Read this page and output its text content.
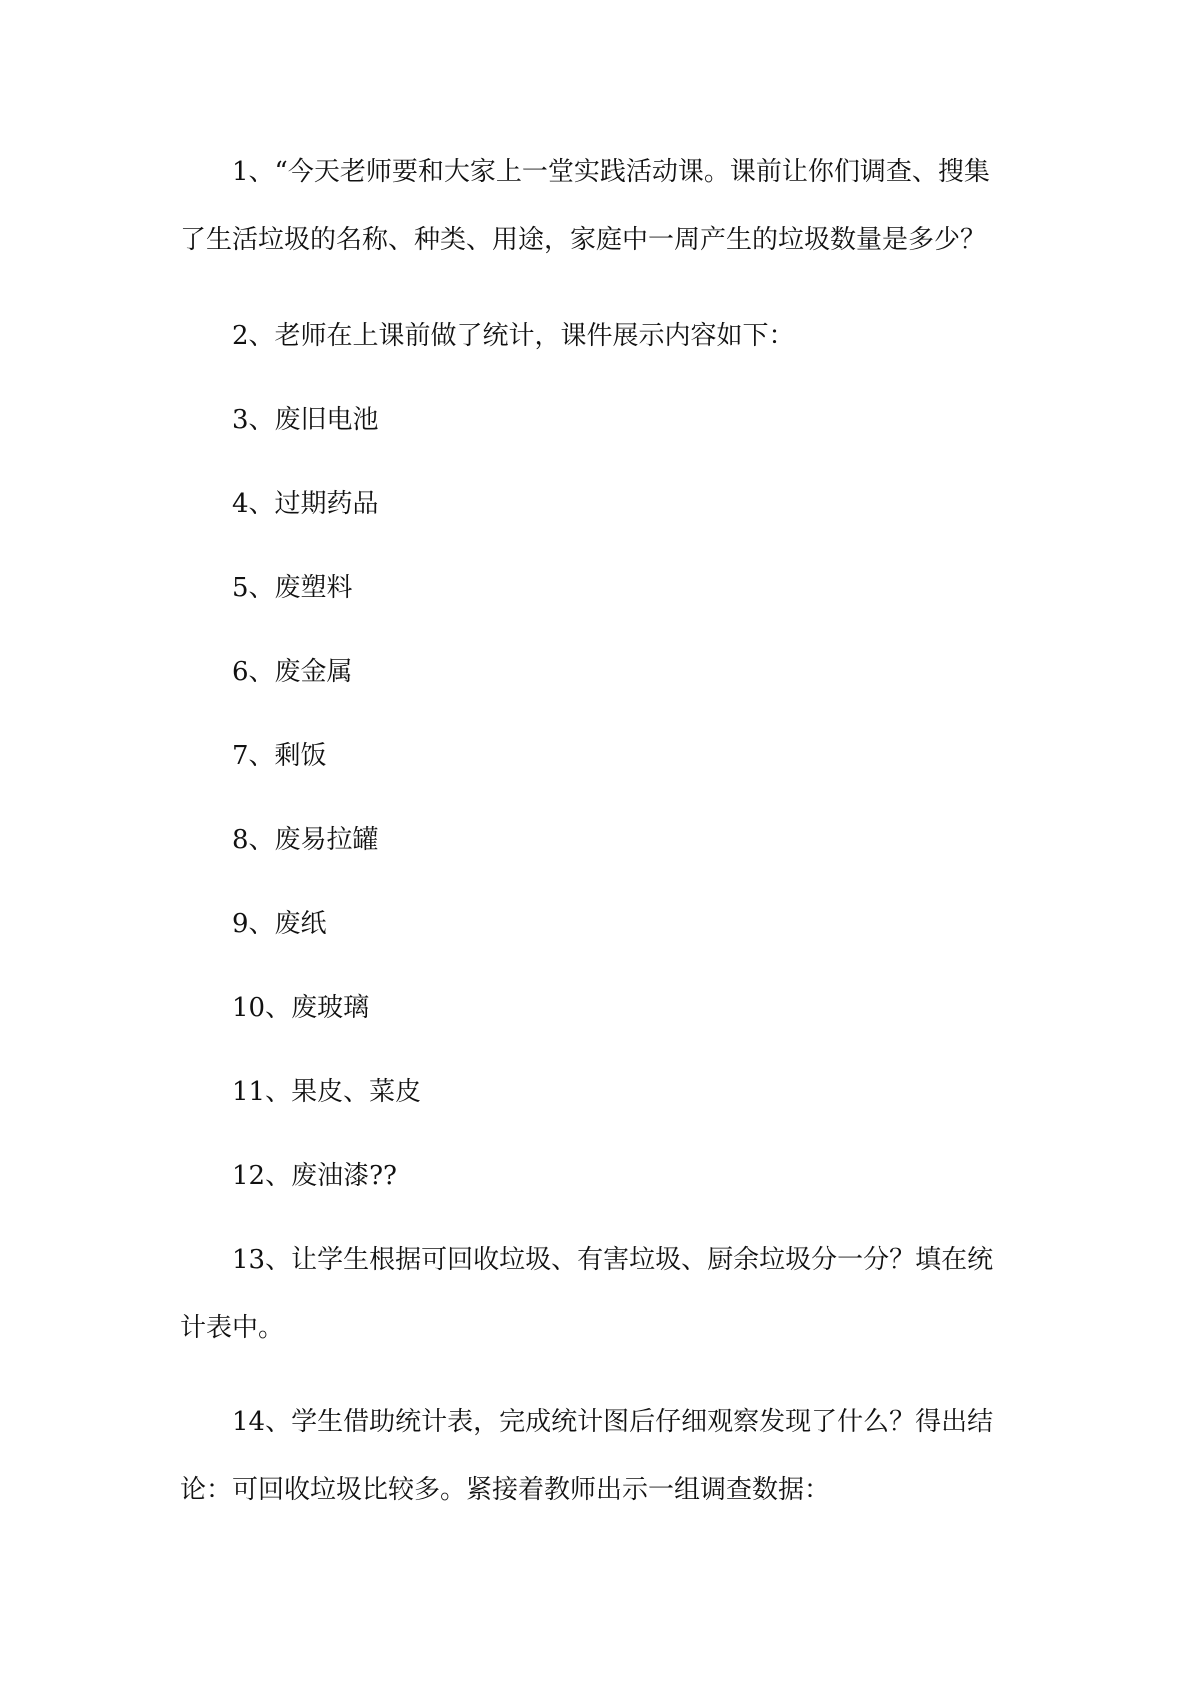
1、“今天老师要和大家上一堂实践活动课。课前让你们调查、搜集了生活垃圾的名称、种类、用途，家庭中一周产生的垃圾数量是多少？

2、老师在上课前做了统计，课件展示内容如下：

3、废旧电池

4、过期药品

5、废塑料

6、废金属

7、剩饭

8、废易拉罐

9、废纸

10、废玻璃

11、果皮、菜皮

12、废油漆??

13、让学生根据可回收垃圾、有害垃圾、厨余垃圾分一分？填在统计表中。

14、学生借助统计表，完成统计图后仔细观察发现了什么？得出结论：可回收垃圾比较多。紧接着教师出示一组调查数据：
